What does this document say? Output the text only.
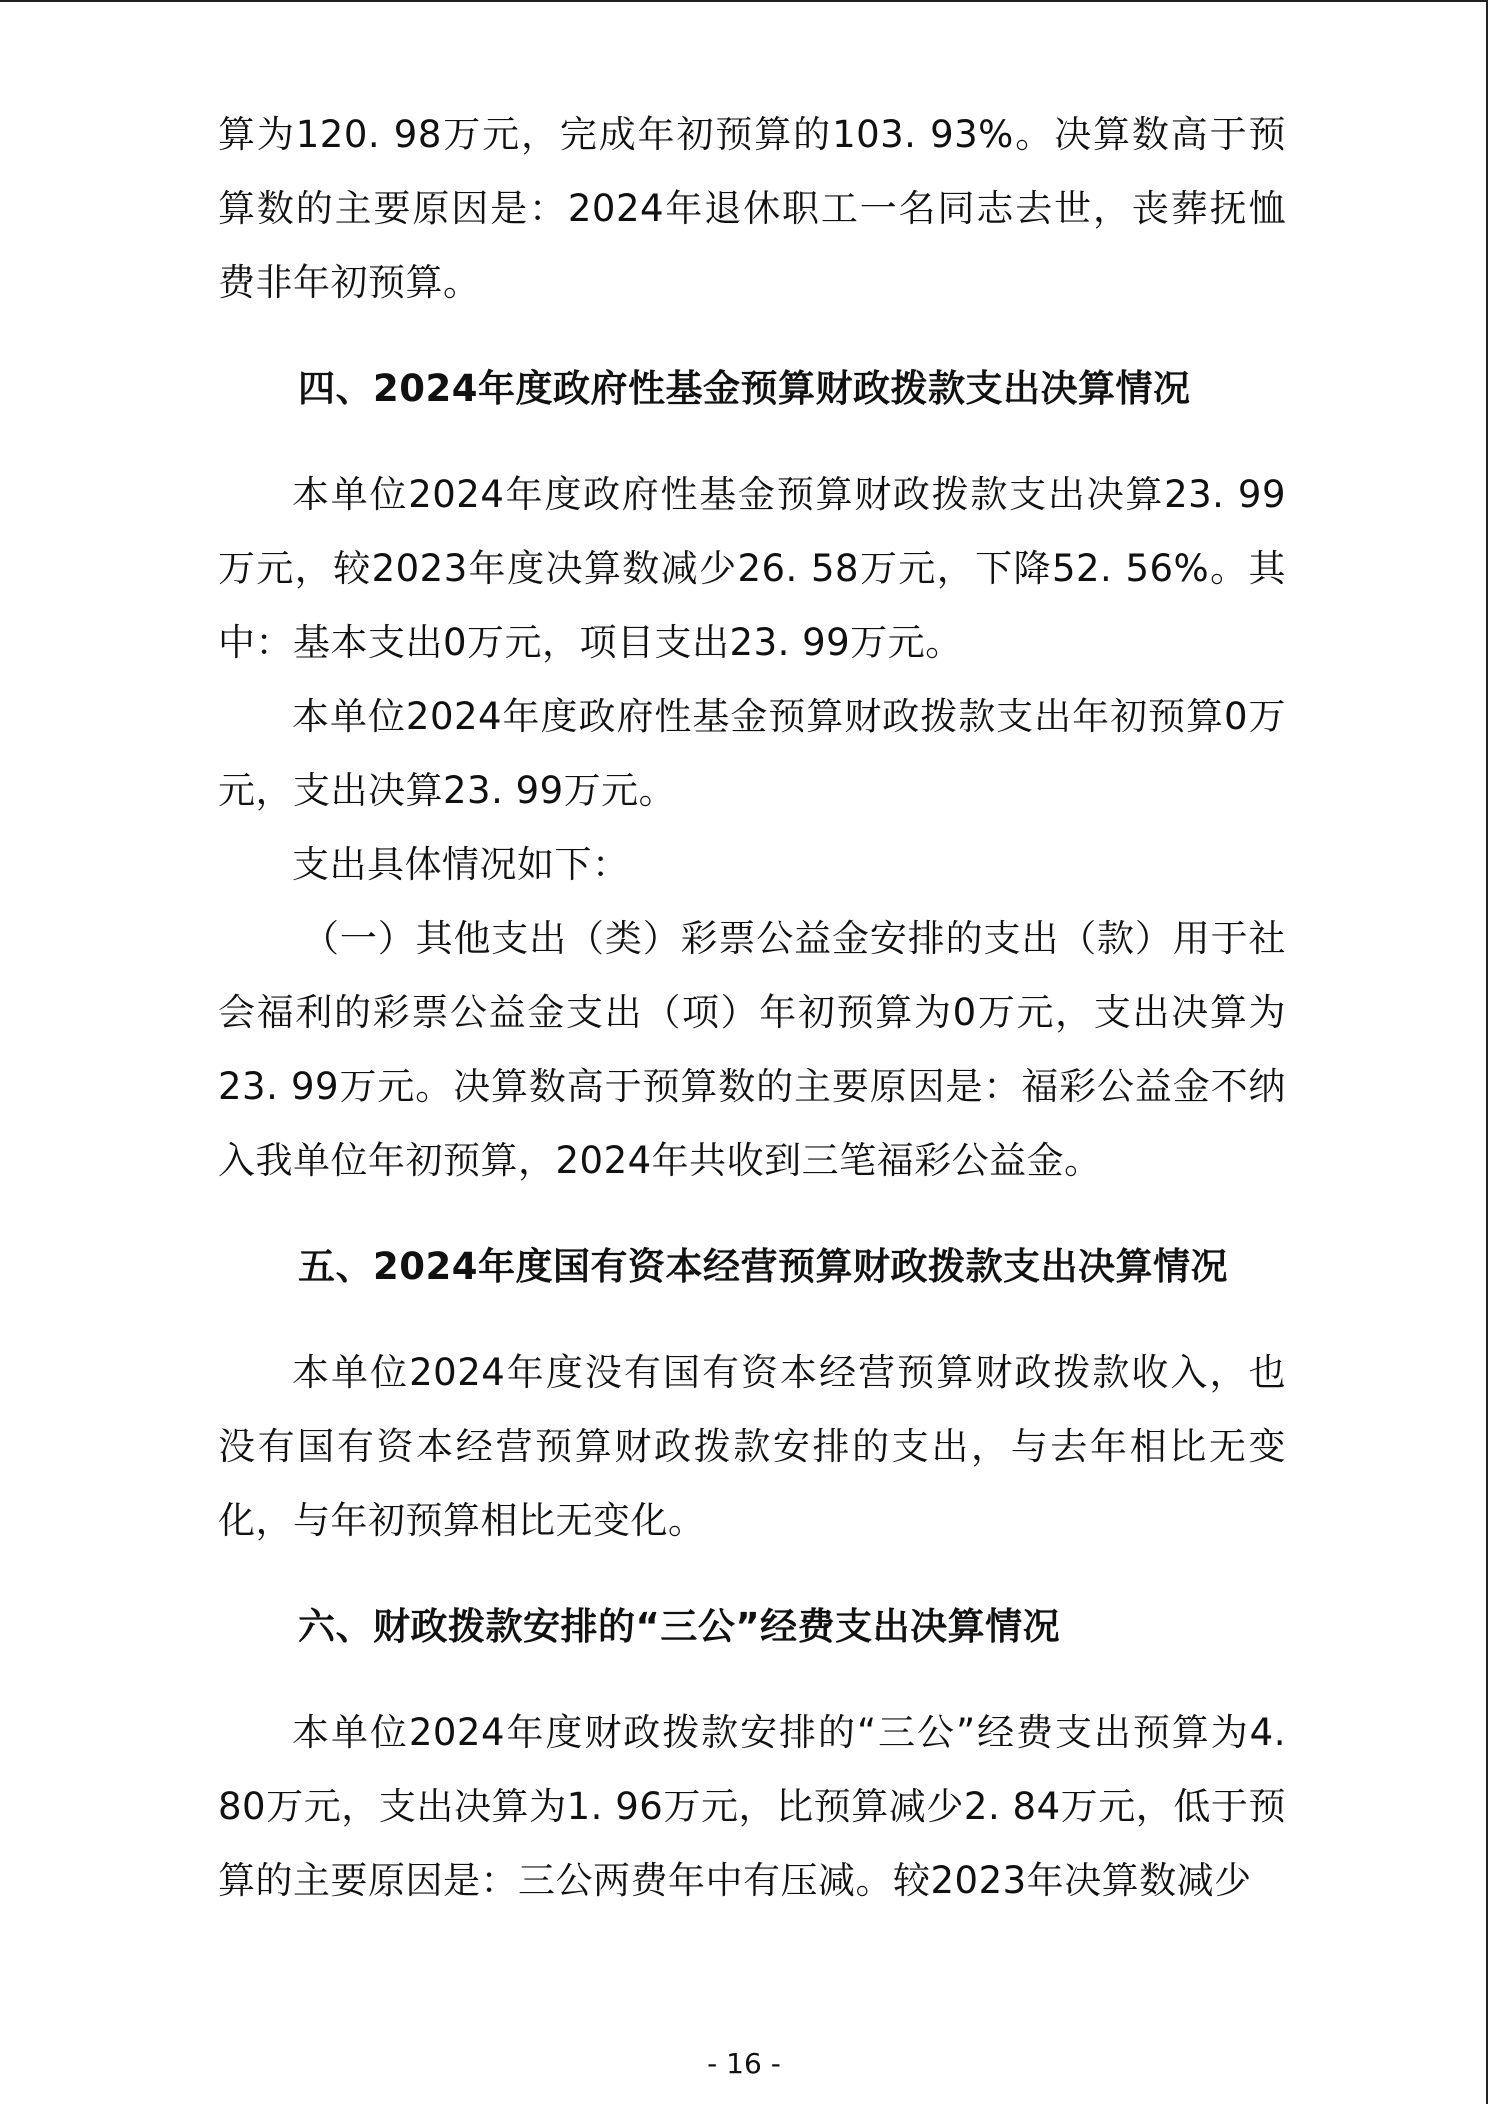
算为120. 98万元，完成年初预算的103. 93%。决算数高于预算数的主要原因是：2024年退休职工一名同志去世，丧葬抚恤费非年初预算。

四、2024年度政府性基金预算财政拨款支出决算情况

本单位2024年度政府性基金预算财政拨款支出决算23. 99万元，较2023年度决算数减少26. 58万元，下降52. 56%。其中：基本支出0万元，项目支出23. 99万元。

本单位2024年度政府性基金预算财政拨款支出年初预算0万元，支出决算23. 99万元。

支出具体情况如下：

（一）其他支出（类）彩票公益金安排的支出（款）用于社会福利的彩票公益金支出（项）年初预算为0万元，支出决算为23. 99万元。决算数高于预算数的主要原因是：福彩公益金不纳入我单位年初预算，2024年共收到三笔福彩公益金。

五、2024年度国有资本经营预算财政拨款支出决算情况

本单位2024年度没有国有资本经营预算财政拨款收入，也没有国有资本经营预算财政拨款安排的支出，与去年相比无变化，与年初预算相比无变化。

六、财政拨款安排的“三公”经费支出决算情况

本单位2024年度财政拨款安排的“三公”经费支出预算为4. 80万元，支出决算为1. 96万元，比预算减少2. 84万元，低于预算的主要原因是：三公两费年中有压减。较2023年决算数减少

- 16 -
